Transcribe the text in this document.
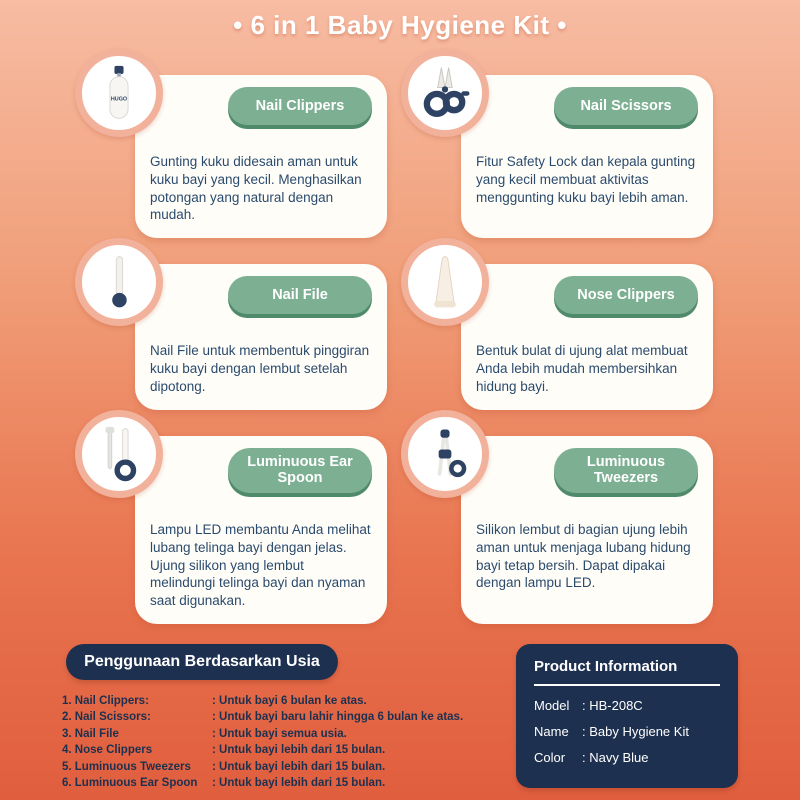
• 6 in 1 Baby Hygiene Kit •
HUGO	Nail Clippers
Gunting kuku didesain aman untuk kuku bayi yang kecil. Menghasilkan potongan yang natural dengan mudah.
Nail Scissors
Fitur Safety Lock dan kepala gunting yang kecil membuat aktivitas menggunting kuku bayi lebih aman.
Nail File
Nail File untuk membentuk pinggiran kuku bayi dengan lembut setelah dipotong.
Nose Clippers
Bentuk bulat di ujung alat membuat Anda lebih mudah membersihkan hidung bayi.
Luminuous Ear Spoon
Lampu LED membantu Anda melihat lubang telinga bayi dengan jelas. Ujung silikon yang lembut melindungi telinga bayi dan nyaman saat digunakan.
Luminuous Tweezers
Silikon lembut di bagian ujung lebih aman untuk menjaga lubang hidung bayi tetap bersih. Dapat dipakai dengan lampu LED.
Penggunaan Berdasarkan Usia
1. Nail Clippers:	: Untuk bayi 6 bulan ke atas.
2. Nail Scissors:	: Untuk bayi baru lahir hingga 6 bulan ke atas.
3. Nail File	: Untuk bayi semua usia.
4. Nose Clippers	: Untuk bayi lebih dari 15 bulan.
5. Luminuous Tweezers	: Untuk bayi lebih dari 15 bulan.
6. Luminuous Ear Spoon	: Untuk bayi lebih dari 15 bulan.
Product Information
Model : HB-208C
Name	: Baby Hygiene Kit
Color	: Navy Blue
